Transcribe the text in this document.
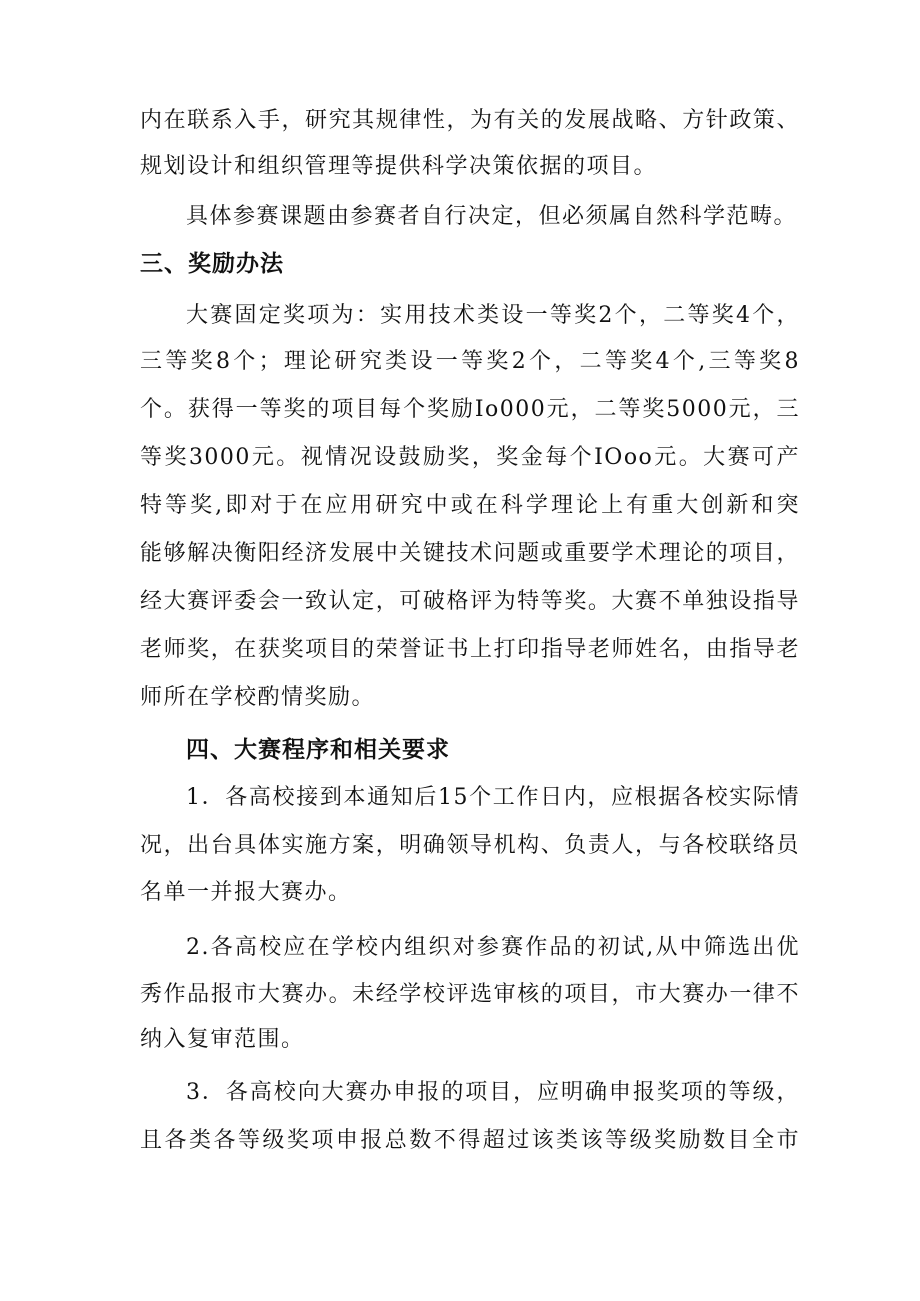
内在联系入手，研究其规律性，为有关的发展战略、方针政策、
规划设计和组织管理等提供科学决策依据的项目。
具体参赛课题由参赛者自行决定，但必须属自然科学范畴。
三、奖励办法
大赛固定奖项为：实用技术类设一等奖2个，二等奖4个，
三等奖8个；理论研究类设一等奖2个，二等奖4个,三等奖8
个。获得一等奖的项目每个奖励Io000元，二等奖5000元，三
等奖3000元。视情况设鼓励奖，奖金每个IOoo元。大赛可产
特等奖,即对于在应用研究中或在科学理论上有重大创新和突
能够解决衡阳经济发展中关键技术问题或重要学术理论的项目，
经大赛评委会一致认定，可破格评为特等奖。大赛不单独设指导
老师奖，在获奖项目的荣誉证书上打印指导老师姓名，由指导老
师所在学校酌情奖励。
四、大赛程序和相关要求
1．各高校接到本通知后15个工作日内，应根据各校实际情
况，出台具体实施方案，明确领导机构、负责人，与各校联络员
名单一并报大赛办。
2.各高校应在学校内组织对参赛作品的初试,从中筛选出优
秀作品报市大赛办。未经学校评选审核的项目，市大赛办一律不
纳入复审范围。
3．各高校向大赛办申报的项目，应明确申报奖项的等级，
且各类各等级奖项申报总数不得超过该类该等级奖励数目全市
